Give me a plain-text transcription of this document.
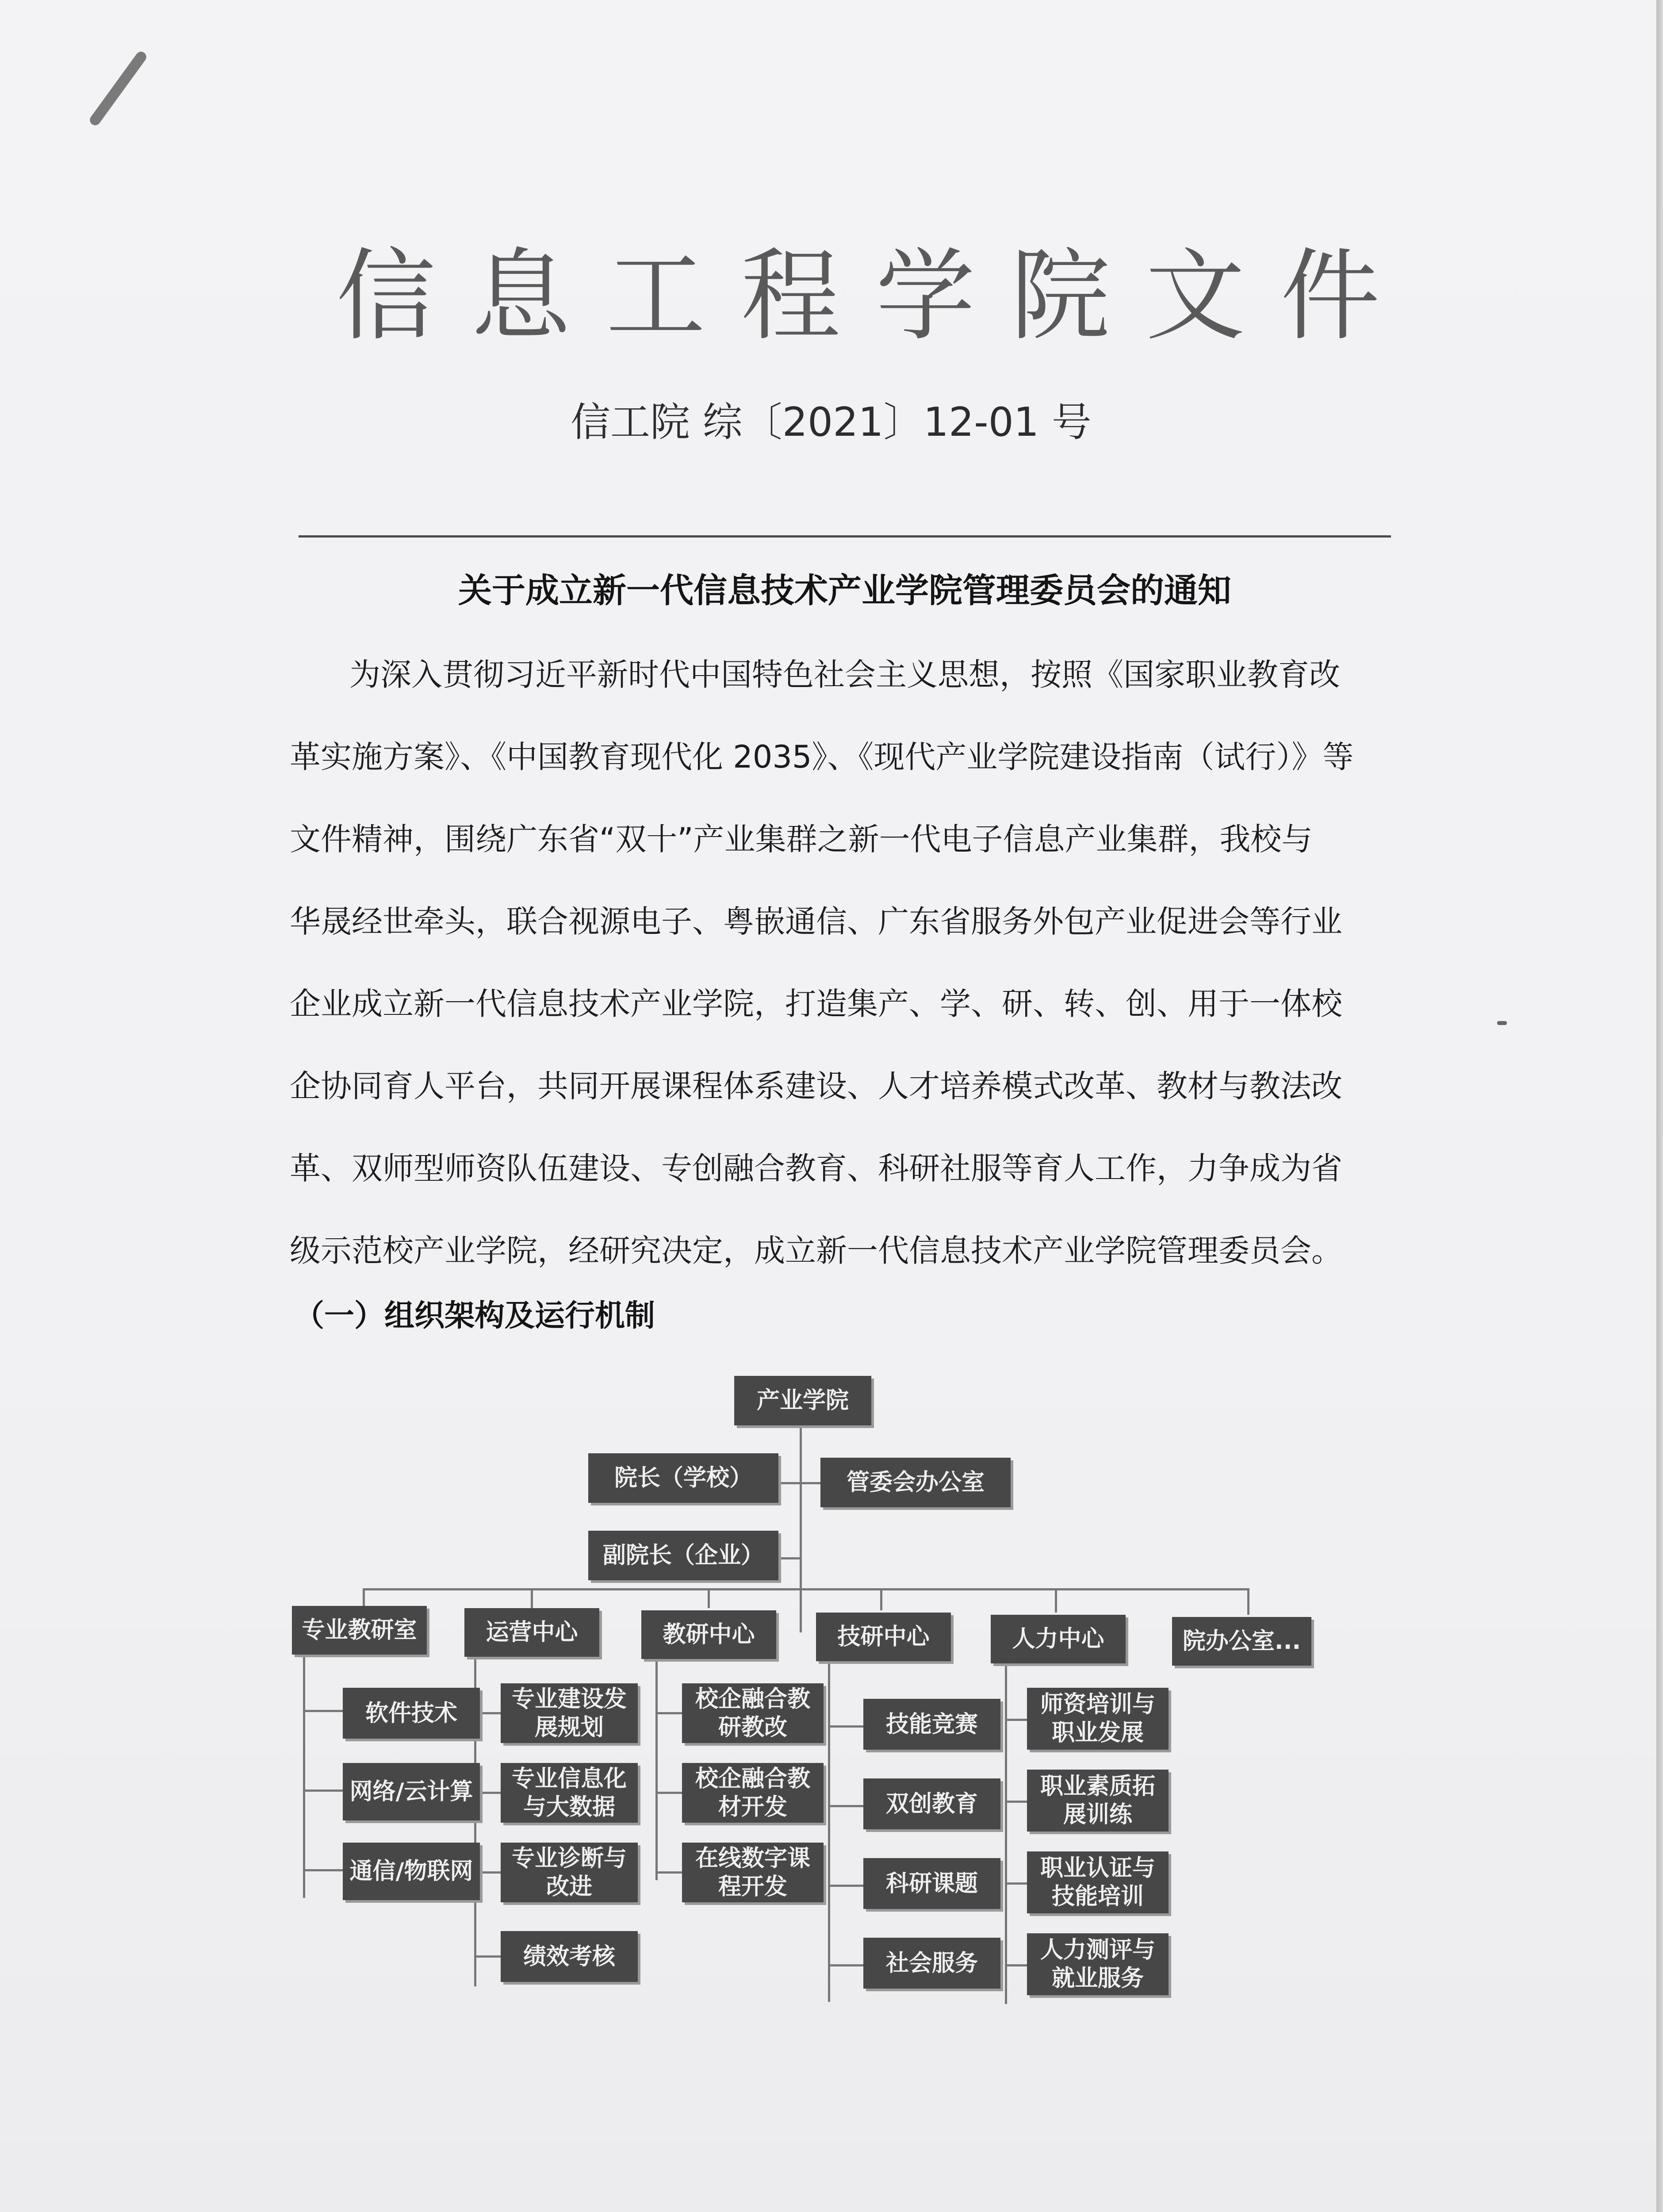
信息工程学院文件
信工院 综〔2021〕12-01 号
关于成立新一代信息技术产业学院管理委员会的通知
为深入贯彻习近平新时代中国特色社会主义思想，按照《国家职业教育改
革实施方案》、《中国教育现代化 2035》、《现代产业学院建设指南（试行）》等
文件精神，围绕广东省“双十”产业集群之新一代电子信息产业集群，我校与
华晟经世牵头，联合视源电子、粤嵌通信、广东省服务外包产业促进会等行业
企业成立新一代信息技术产业学院，打造集产、学、研、转、创、用于一体校
企协同育人平台，共同开展课程体系建设、人才培养模式改革、教材与教法改
革、双师型师资队伍建设、专创融合教育、科研社服等育人工作，力争成为省
级示范校产业学院，经研究决定，成立新一代信息技术产业学院管理委员会。
（一）组织架构及运行机制
产业学院
院长（学校）	管委会办公室
副院长（企业）
专业教研室	运营中心	教研中心	技研中心	人力中心	院办公室...
软件技术
网络/云计算
通信/物联网
专业建设发展规划
专业信息化与大数据
专业诊断与改进
绩效考核
校企融合教研教改
校企融合教材开发
在线数字课程开发
技能竞赛
双创教育
科研课题
社会服务
师资培训与职业发展
职业素质拓展训练
职业认证与技能培训
人力测评与就业服务
